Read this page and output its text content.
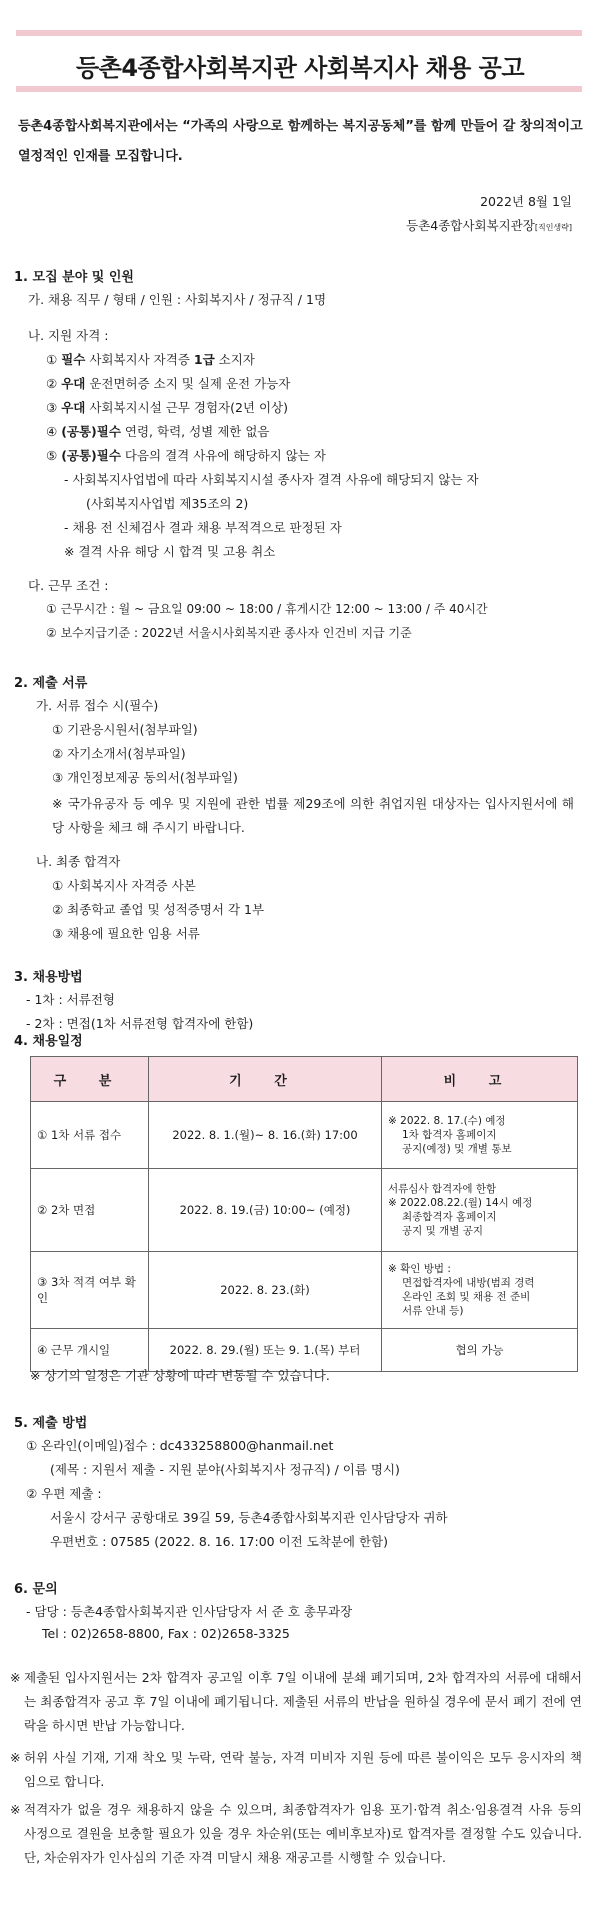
등촌4종합사회복지관 사회복지사 채용 공고
등촌4종합사회복지관에서는 “가족의 사랑으로 함께하는 복지공동체”를 함께 만들어 갈 창의적이고 열정적인 인재를 모집합니다.
2022년 8월 1일
등촌4종합사회복지관장[직인생략]
1. 모집 분야 및 인원
가. 채용 직무 / 형태 / 인원 : 사회복지사 / 정규직 / 1명
나. 지원 자격 :
① 필수 사회복지사 자격증 1급 소지자
② 우대 운전면허증 소지 및 실제 운전 가능자
③ 우대 사회복지시설 근무 경험자(2년 이상)
④ (공통)필수 연령, 학력, 성별 제한 없음
⑤ (공통)필수 다음의 결격 사유에 해당하지 않는 자
- 사회복지사업법에 따라 사회복지시설 종사자 결격 사유에 해당되지 않는 자
(사회복지사업법 제35조의 2)
- 채용 전 신체검사 결과 채용 부적격으로 판정된 자
※ 결격 사유 해당 시 합격 및 고용 취소
다. 근무 조건 :
① 근무시간 : 월 ~ 금요일 09:00 ~ 18:00 / 휴게시간 12:00 ~ 13:00 / 주 40시간
② 보수지급기준 : 2022년 서울시사회복지관 종사자 인건비 지급 기준
2. 제출 서류
가. 서류 접수 시(필수)
① 기관응시원서(첨부파일)
② 자기소개서(첨부파일)
③ 개인정보제공 동의서(첨부파일)
※ 국가유공자 등 예우 및 지원에 관한 법률 제29조에 의한 취업지원 대상자는 입사지원서에 해당 사항을 체크 해 주시기 바랍니다.
나. 최종 합격자
① 사회복지사 자격증 사본
② 최종학교 졸업 및 성적증명서 각 1부
③ 채용에 필요한 임용 서류
3. 채용방법
- 1차 : 서류전형
- 2차 : 면접(1차 서류전형 합격자에 한함)
4. 채용일정
구 분	기 간	비 고
① 1차 서류 접수	2022. 8. 1.(월)~ 8. 16.(화) 17:00	※ 2022. 8. 17.(수) 예정
1차 합격자 홈페이지
공지(예정) 및 개별 통보

② 2차 면접	2022. 8. 19.(금) 10:00~ (예정)	서류심사 합격자에 한함
※ 2022.08.22.(월) 14시 예정
최종합격자 홈페이지
공지 및 개별 공지

③ 3차 적격 여부 확인	2022. 8. 23.(화)	※ 확인 방법 :
면접합격자에 내방(범죄 경력
온라인 조회 및 채용 전 준비
서류 안내 등)

④ 근무 개시일	2022. 8. 29.(월) 또는 9. 1.(목) 부터	협의 가능
※ 상기의 일정은 기관 상황에 따라 변동될 수 있습니다.
5. 제출 방법
① 온라인(이메일)접수 : dc433258800@hanmail.net
(제목 : 지원서 제출 - 지원 분야(사회복지사 정규직) / 이름 명시)
② 우편 제출 :
서울시 강서구 공항대로 39길 59, 등촌4종합사회복지관 인사담당자 귀하
우편번호 : 07585 (2022. 8. 16. 17:00 이전 도착분에 한함)
6. 문의
- 담당 : 등촌4종합사회복지관 인사담당자 서 준 호 총무과장
Tel : 02)2658-8800, Fax : 02)2658-3325
※ 제출된 입사지원서는 2차 합격자 공고일 이후 7일 이내에 분쇄 폐기되며, 2차 합격자의 서류에 대해서는 최종합격자 공고 후 7일 이내에 폐기됩니다. 제출된 서류의 반납을 원하실 경우에 문서 폐기 전에 연락을 하시면 반납 가능합니다.
※ 허위 사실 기재, 기재 착오 및 누락, 연락 불능, 자격 미비자 지원 등에 따른 불이익은 모두 응시자의 책임으로 합니다.
※ 적격자가 없을 경우 채용하지 않을 수 있으며, 최종합격자가 임용 포기·합격 취소·임용결격 사유 등의 사정으로 결원을 보충할 필요가 있을 경우 차순위(또는 예비후보자)로 합격자를 결정할 수도 있습니다. 단, 차순위자가 인사심의 기준 자격 미달시 채용 재공고를 시행할 수 있습니다.
